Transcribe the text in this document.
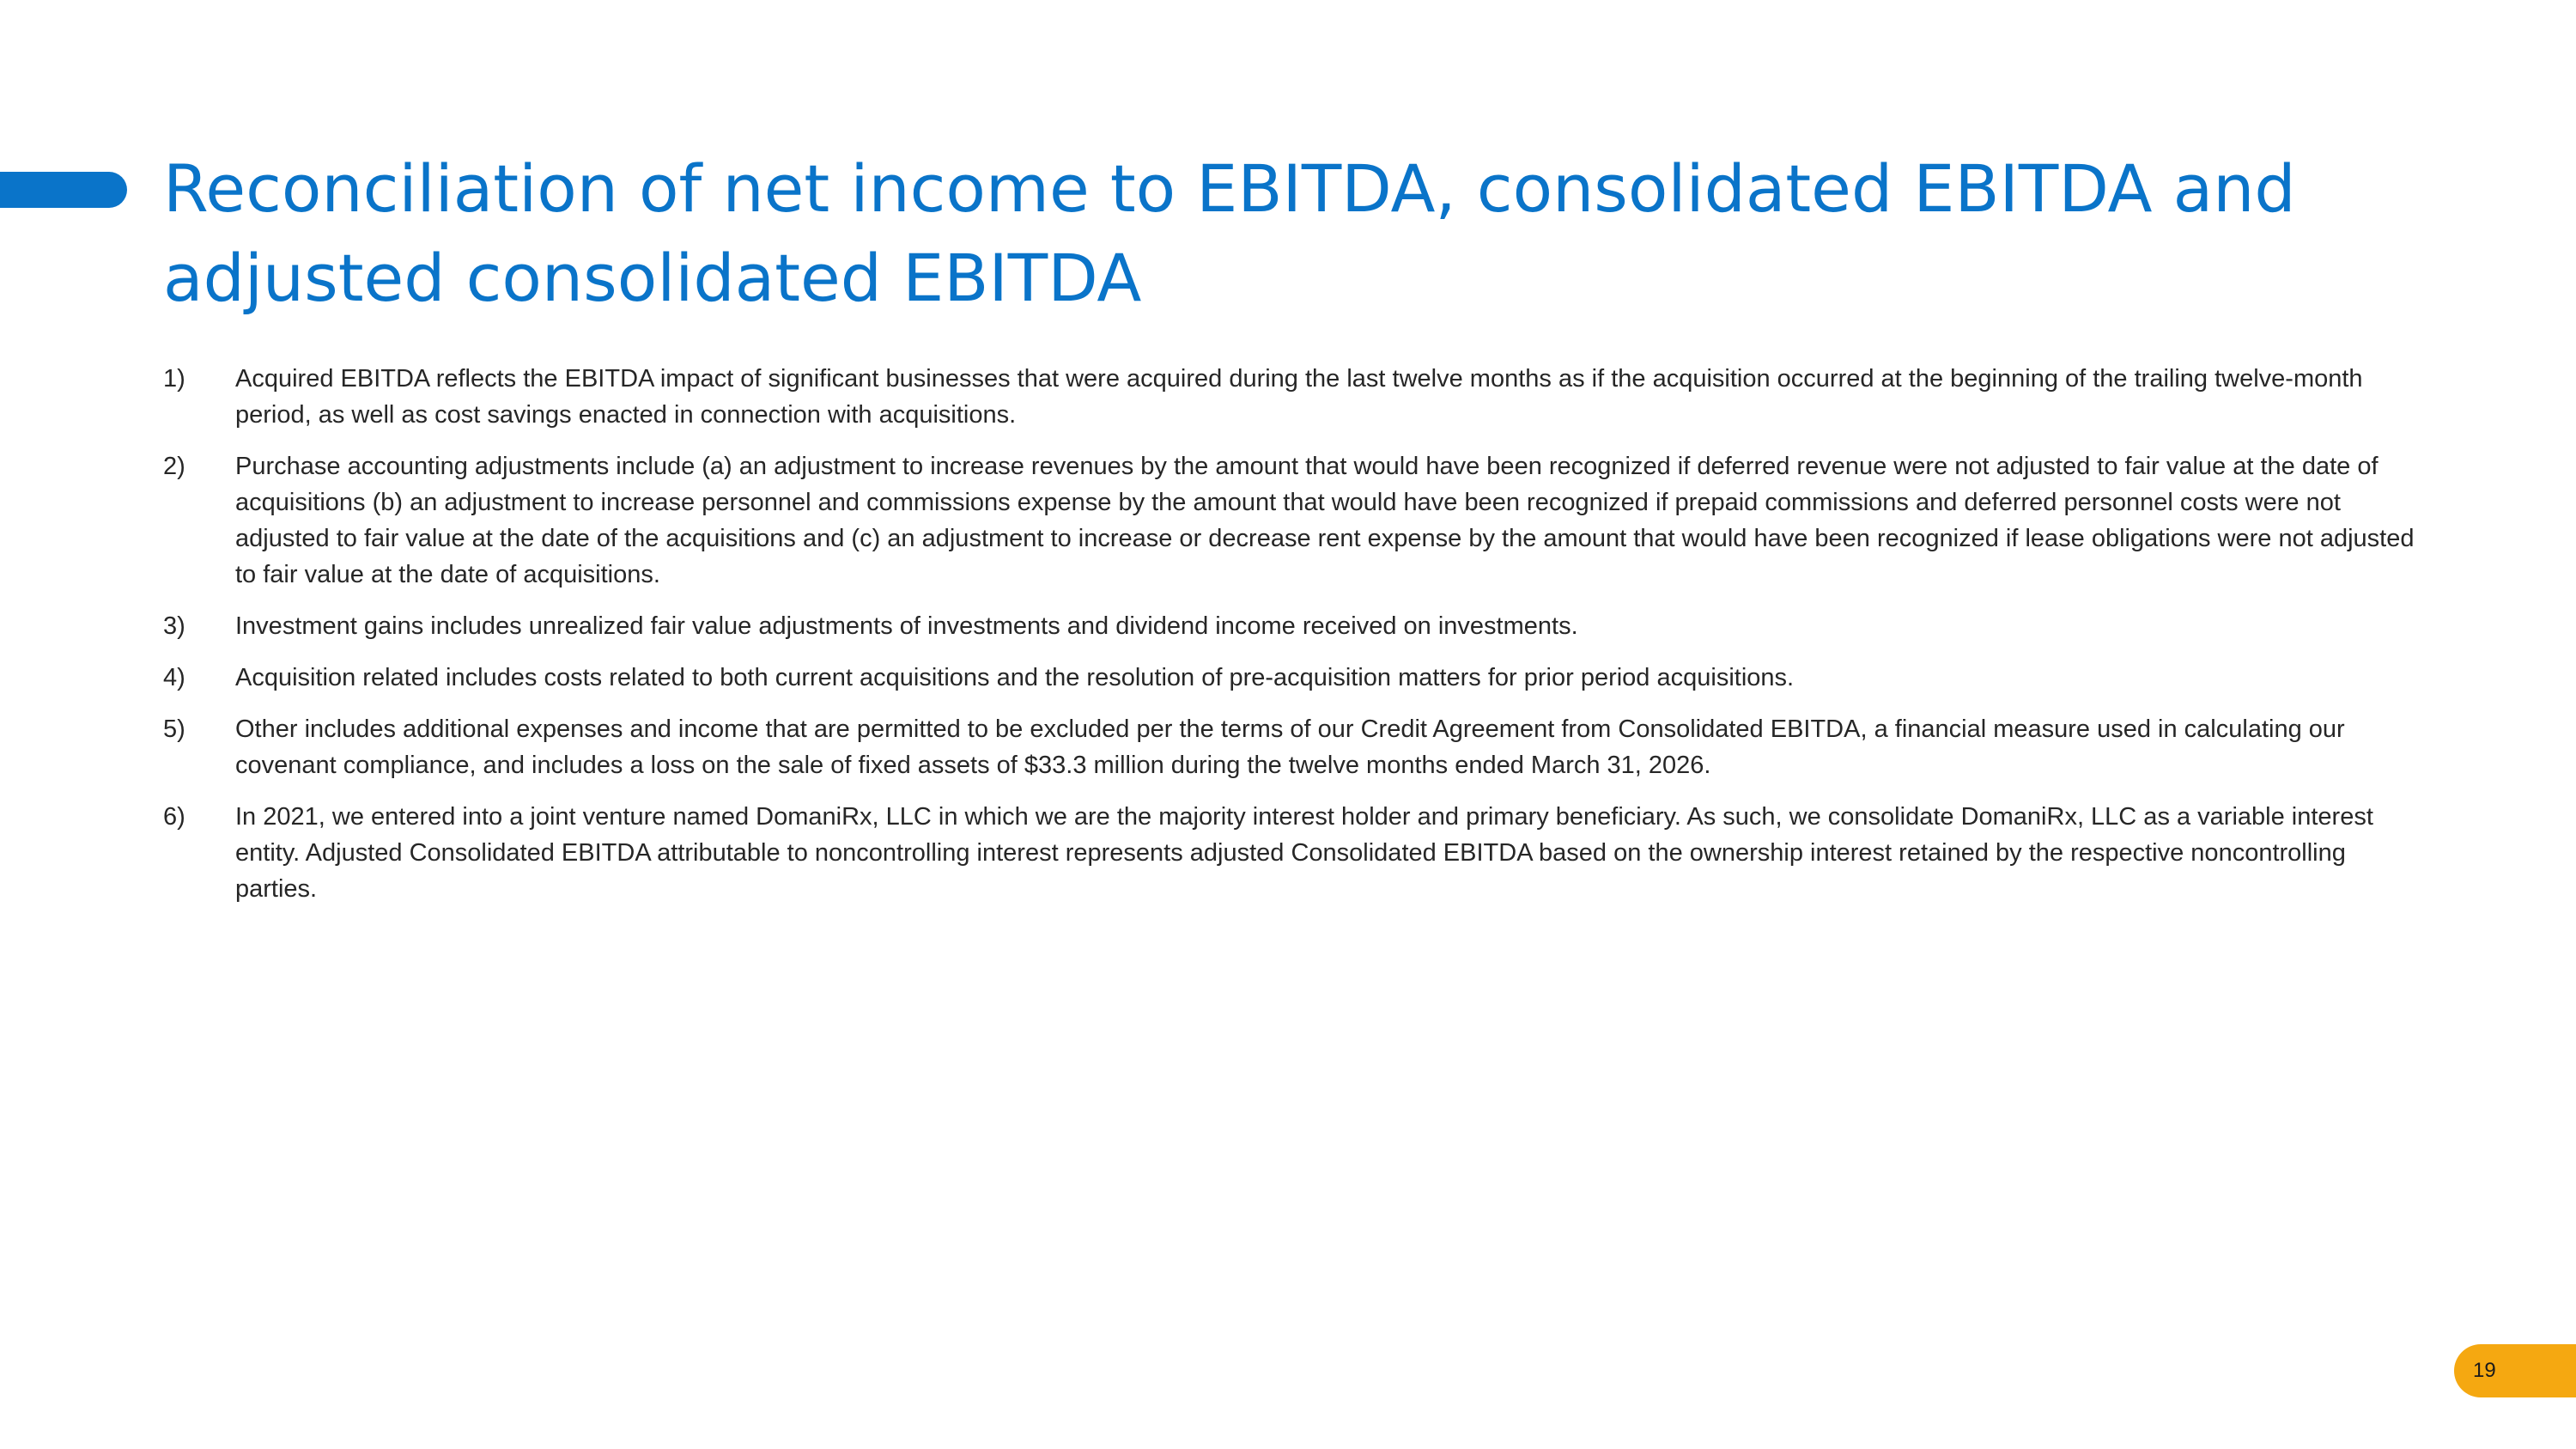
Reconciliation of net income to EBITDA, consolidated EBITDA and adjusted consolidated EBITDA
1)	Acquired EBITDA reflects the EBITDA impact of significant businesses that were acquired during the last twelve months as if the acquisition occurred at the beginning of the trailing twelve-month period, as well as cost savings enacted in connection with acquisitions.
2)	Purchase accounting adjustments include (a) an adjustment to increase revenues by the amount that would have been recognized if deferred revenue were not adjusted to fair value at the date of acquisitions (b) an adjustment to increase personnel and commissions expense by the amount that would have been recognized if prepaid commissions and deferred personnel costs were not adjusted to fair value at the date of the acquisitions and (c) an adjustment to increase or decrease rent expense by the amount that would have been recognized if lease obligations were not adjusted to fair value at the date of acquisitions.
3)	Investment gains includes unrealized fair value adjustments of investments and dividend income received on investments.
4)	Acquisition related includes costs related to both current acquisitions and the resolution of pre-acquisition matters for prior period acquisitions.
5)	Other includes additional expenses and income that are permitted to be excluded per the terms of our Credit Agreement from Consolidated EBITDA, a financial measure used in calculating our covenant compliance, and includes a loss on the sale of fixed assets of $33.3 million during the twelve months ended March 31, 2026.
6)	In 2021, we entered into a joint venture named DomaniRx, LLC in which we are the majority interest holder and primary beneficiary. As such, we consolidate DomaniRx, LLC as a variable interest entity. Adjusted Consolidated EBITDA attributable to noncontrolling interest represents adjusted Consolidated EBITDA based on the ownership interest retained by the respective noncontrolling parties.
19
